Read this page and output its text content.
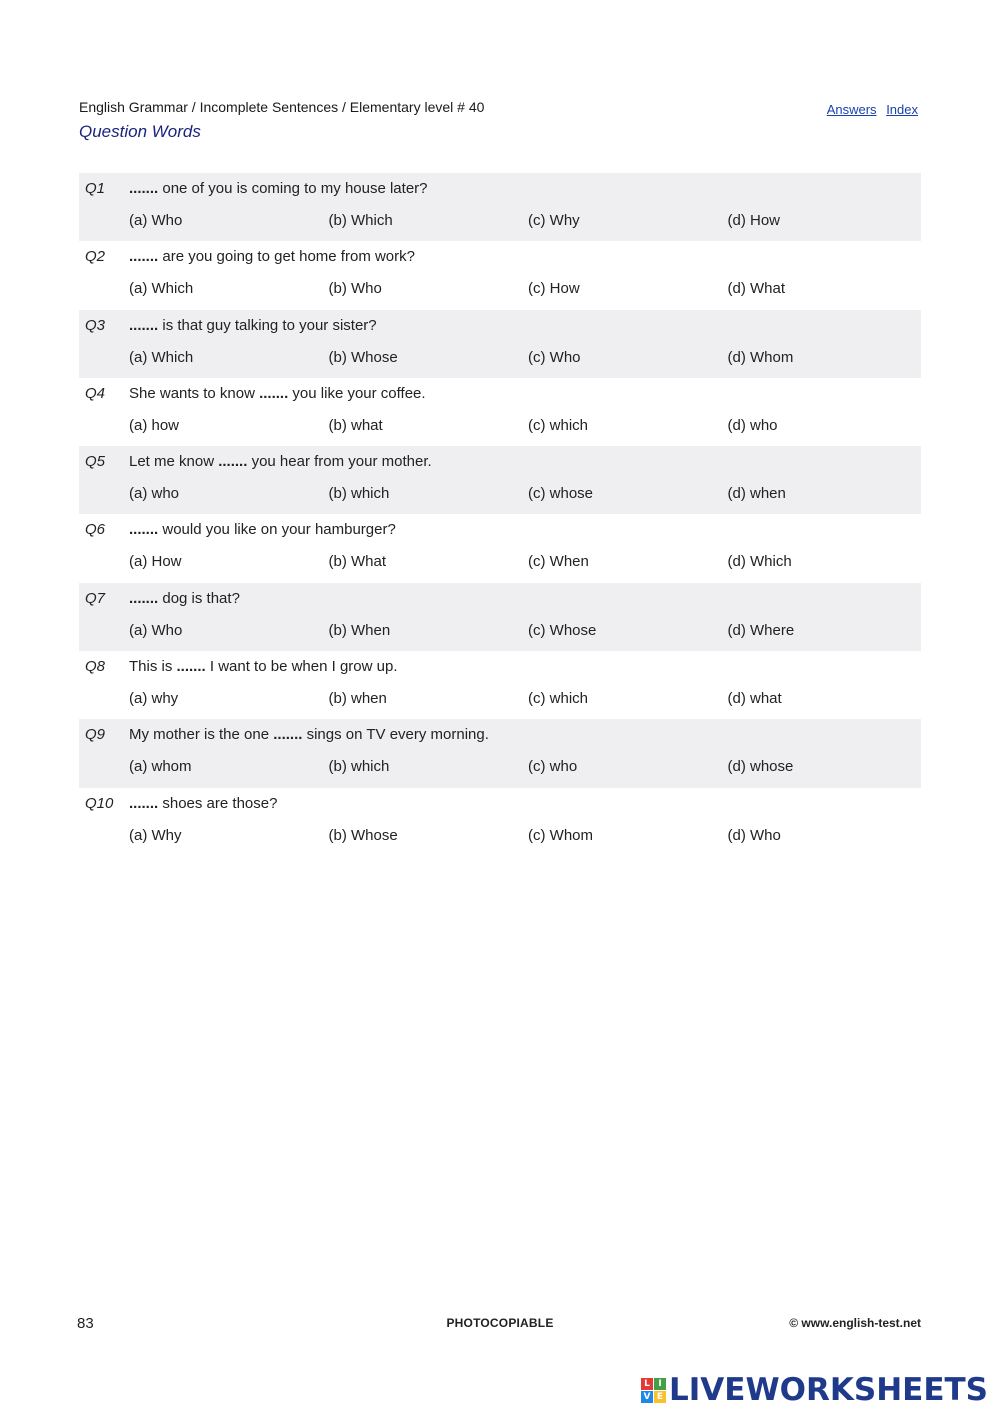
English Grammar / Incomplete Sentences / Elementary level # 40
Question Words
Answers Index
Q1 ....... one of you is coming to my house later?
(a) Who	(b) Which	(c) Why	(d) How
Q2 ....... are you going to get home from work?
(a) Which	(b) Who	(c) How	(d) What
Q3 ....... is that guy talking to your sister?
(a) Which	(b) Whose	(c) Who	(d) Whom
Q4 She wants to know ....... you like your coffee.
(a) how	(b) what	(c) which	(d) who
Q5 Let me know ....... you hear from your mother.
(a) who	(b) which	(c) whose	(d) when
Q6 ....... would you like on your hamburger?
(a) How	(b) What	(c) When	(d) Which
Q7 ....... dog is that?
(a) Who	(b) When	(c) Whose	(d) Where
Q8 This is ....... I want to be when I grow up.
(a) why	(b) when	(c) which	(d) what
Q9 My mother is the one ....... sings on TV every morning.
(a) whom	(b) which	(c) who	(d) whose
Q10 ....... shoes are those?
(a) Why	(b) Whose	(c) Whom	(d) Who
83	PHOTOCOPIABLE	© www.english-test.net
L I
V E LIVEWORKSHEETS
